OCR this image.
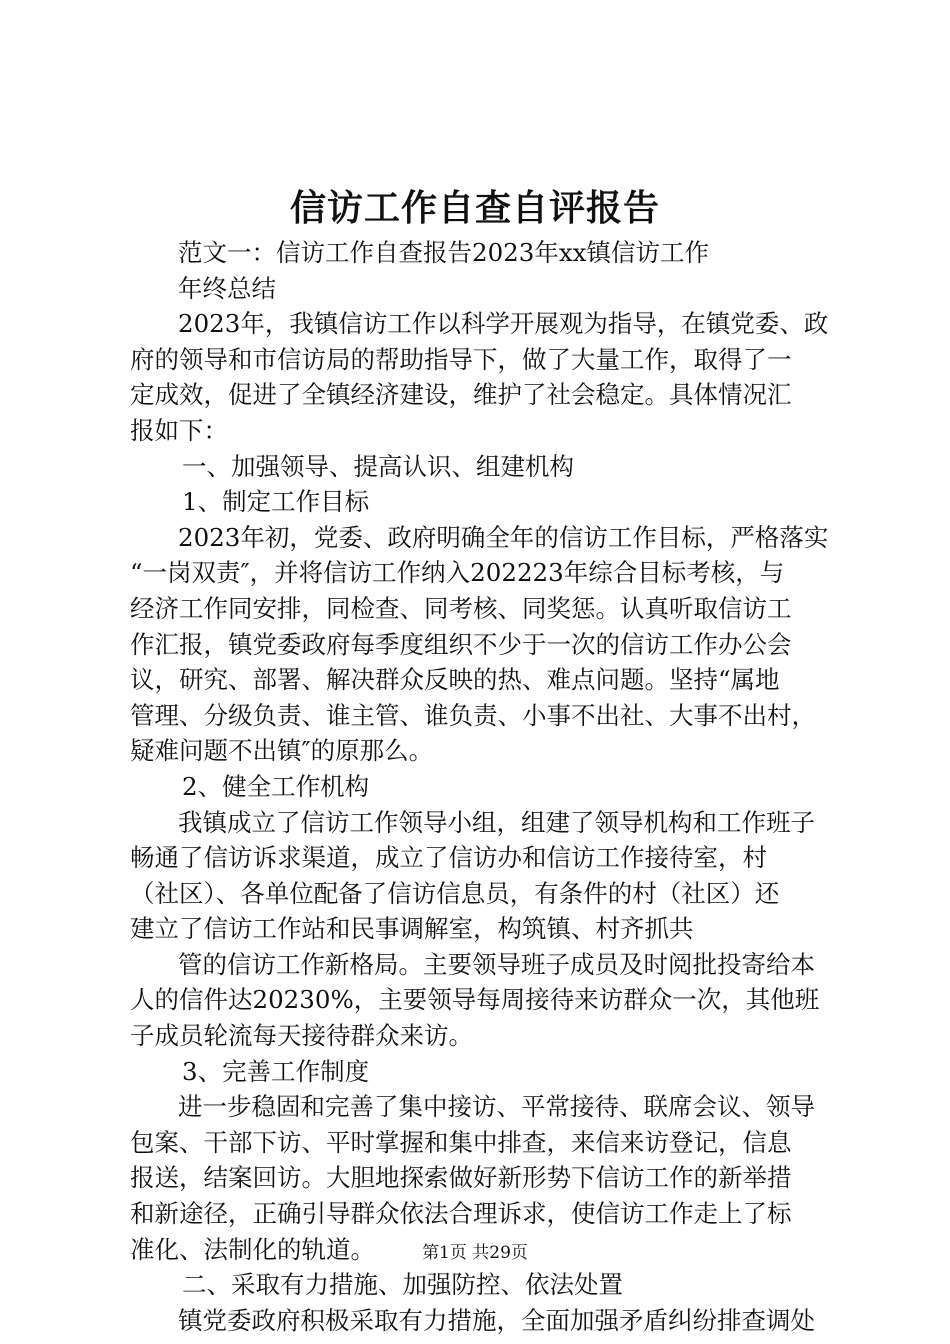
信访工作自查自评报告
范文一：信访工作自查报告2023年xx镇信访工作
年终总结
2023年，我镇信访工作以科学开展观为指导，在镇党委、政
府的领导和市信访局的帮助指导下，做了大量工作，取得了一
定成效，促进了全镇经济建设，维护了社会稳定。具体情况汇
报如下：
一、加强领导、提高认识、组建机构
1、制定工作目标
2023年初，党委、政府明确全年的信访工作目标，严格落实
“一岗双责″，并将信访工作纳入202223年综合目标考核，与
经济工作同安排，同检查、同考核、同奖惩。认真听取信访工
作汇报，镇党委政府每季度组织不少于一次的信访工作办公会
议，研究、部署、解决群众反映的热、难点问题。坚持“属地
管理、分级负责、谁主管、谁负责、小事不出社、大事不出村，
疑难问题不出镇″的原那么。
2、健全工作机构
我镇成立了信访工作领导小组，组建了领导机构和工作班子
畅通了信访诉求渠道，成立了信访办和信访工作接待室，村
（社区）、各单位配备了信访信息员，有条件的村（社区）还
建立了信访工作站和民事调解室，构筑镇、村齐抓共
管的信访工作新格局。主要领导班子成员及时阅批投寄给本
人的信件达20230%，主要领导每周接待来访群众一次，其他班
子成员轮流每天接待群众来访。
3、完善工作制度
进一步稳固和完善了集中接访、平常接待、联席会议、领导
包案、干部下访、平时掌握和集中排查，来信来访登记，信息
报送，结案回访。大胆地探索做好新形势下信访工作的新举措
和新途径，正确引导群众依法合理诉求，使信访工作走上了标
准化、法制化的轨道。
二、采取有力措施、加强防控、依法处置
镇党委政府积极采取有力措施，全面加强矛盾纠纷排查调处
第1页 共29页
